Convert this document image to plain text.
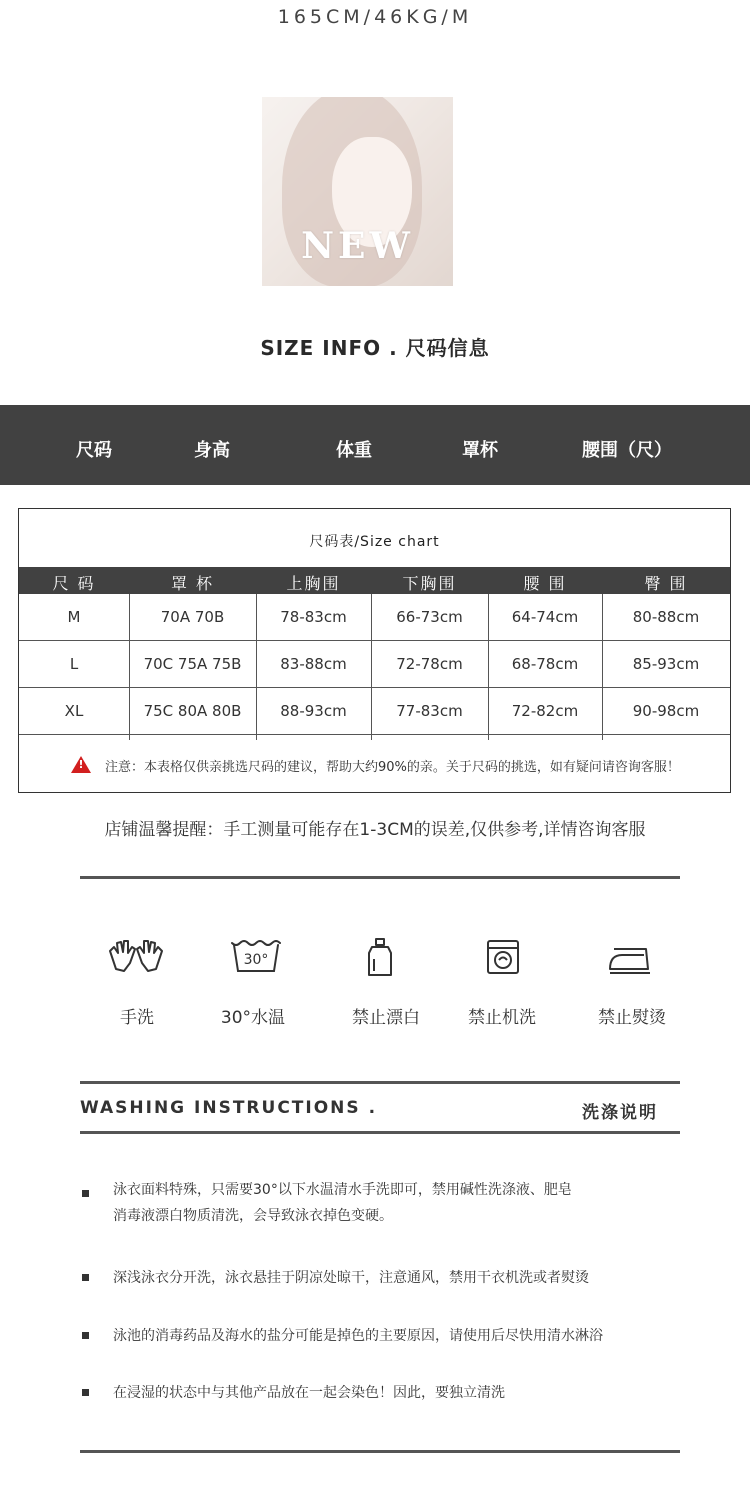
165CM/46KG/M
NEW
SIZE INFO . 尺码信息
尺码	身高	体重	罩杯	腰围（尺）
尺码表/Size chart
尺 码	罩 杯	上胸围	下胸围	腰 围	臀 围
M	70A 70B	78-83cm	66-73cm	64-74cm	80-88cm
L	70C 75A 75B	83-88cm	72-78cm	68-78cm	85-93cm
XL	75C 80A 80B	88-93cm	77-83cm	72-82cm	90-98cm
! 注意：本表格仅供亲挑选尺码的建议，帮助大约90%的亲。关于尺码的挑选，如有疑问请咨询客服！
店铺温馨提醒：手工测量可能存在1-3CM的误差,仅供参考,详情咨询客服
30°
手洗	30°水温	禁止漂白	禁止机洗	禁止熨烫
WASHING INSTRUCTIONS .	洗涤说明
泳衣面料特殊，只需要30°以下水温清水手洗即可，禁用碱性洗涤液、肥皂
消毒液漂白物质清洗，会导致泳衣掉色变硬。
深浅泳衣分开洗，泳衣悬挂于阴凉处晾干，注意通风，禁用干衣机洗或者熨烫
泳池的消毒药品及海水的盐分可能是掉色的主要原因，请使用后尽快用清水淋浴
在浸湿的状态中与其他产品放在一起会染色！因此，要独立清洗
